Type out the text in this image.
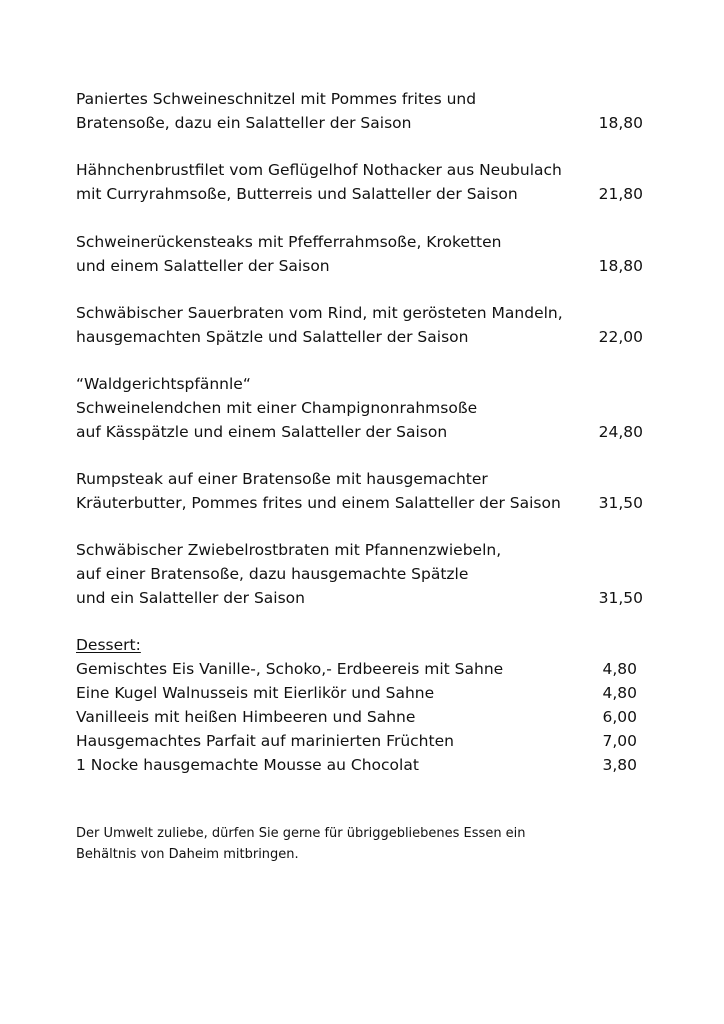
Paniertes Schweineschnitzel mit Pommes frites und
Bratensoße, dazu ein Salatteller der Saison	18,80
Hähnchenbrustfilet vom Geflügelhof Nothacker aus Neubulach
mit Curryrahmsoße, Butterreis und Salatteller der Saison	21,80
Schweinerückensteaks mit Pfefferrahmsoße, Kroketten
und einem Salatteller der Saison	18,80
Schwäbischer Sauerbraten vom Rind, mit gerösteten Mandeln,
hausgemachten Spätzle und Salatteller der Saison	22,00
“Waldgerichtspfännle“
Schweinelendchen mit einer Champignonrahmsoße
auf Kässpätzle und einem Salatteller der Saison	24,80
Rumpsteak auf einer Bratensoße mit hausgemachter
Kräuterbutter, Pommes frites und einem Salatteller der Saison	31,50
Schwäbischer Zwiebelrostbraten mit Pfannenzwiebeln,
auf einer Bratensoße, dazu hausgemachte Spätzle
und ein Salatteller der Saison	31,50
Dessert:
Gemischtes Eis Vanille-, Schoko,- Erdbeereis mit Sahne	4,80
Eine Kugel Walnusseis mit Eierlikör und Sahne	4,80
Vanilleeis mit heißen Himbeeren und Sahne	6,00
Hausgemachtes Parfait auf marinierten Früchten	7,00
1 Nocke hausgemachte Mousse au Chocolat	3,80
Der Umwelt zuliebe, dürfen Sie gerne für übriggebliebenes Essen ein
Behältnis von Daheim mitbringen.
